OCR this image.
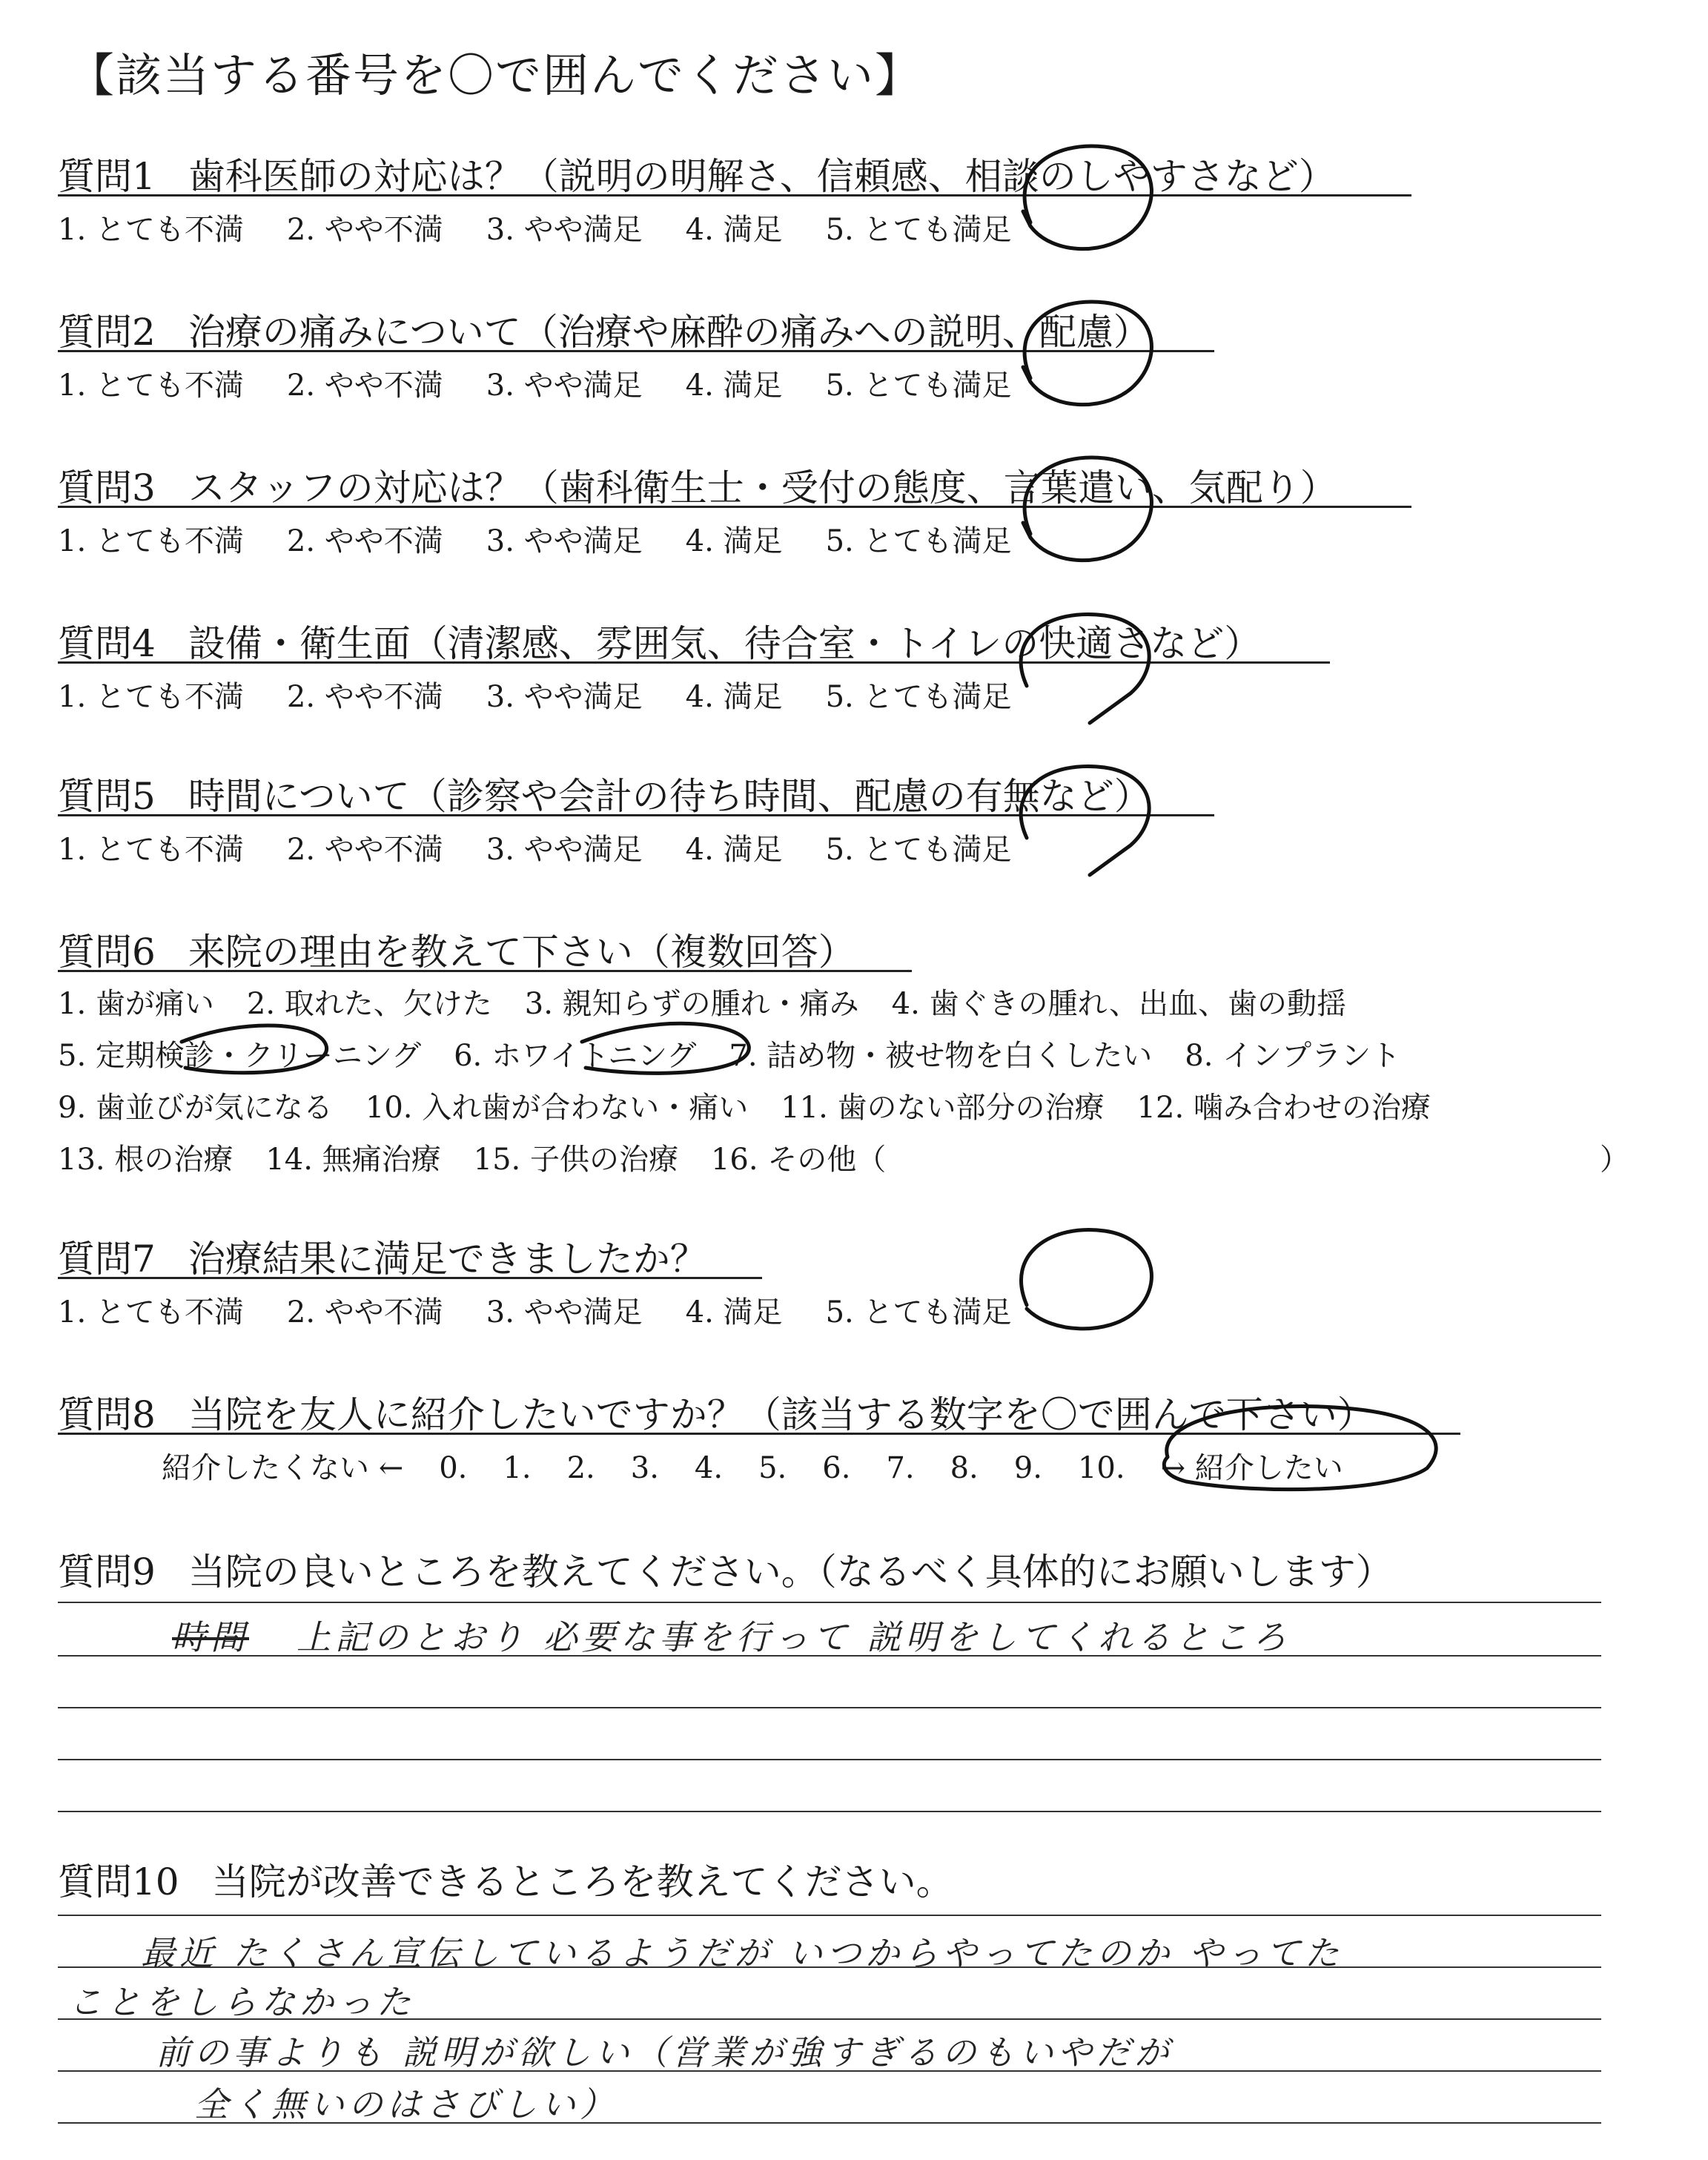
【該当する番号を〇で囲んでください】
質問1 歯科医師の対応は？（説明の明解さ、信頼感、相談のしやすさなど）
1. とても不満 2. やや不満 3. やや満足 4. 満足 5. とても満足
質問2 治療の痛みについて（治療や麻酔の痛みへの説明、配慮）
1. とても不満 2. やや不満 3. やや満足 4. 満足 5. とても満足
質問3 スタッフの対応は？（歯科衛生士・受付の態度、言葉遣い、気配り）
1. とても不満 2. やや不満 3. やや満足 4. 満足 5. とても満足
質問4 設備・衛生面（清潔感、雰囲気、待合室・トイレの快適さなど）
1. とても不満 2. やや不満 3. やや満足 4. 満足 5. とても満足
質問5 時間について（診察や会計の待ち時間、配慮の有無など）
1. とても不満 2. やや不満 3. やや満足 4. 満足 5. とても満足
質問6 来院の理由を教えて下さい（複数回答）
1. 歯が痛い 2. 取れた、欠けた 3. 親知らずの腫れ・痛み 4. 歯ぐきの腫れ、出血、歯の動揺
5. 定期検診・クリーニング 6. ホワイトニング 7. 詰め物・被せ物を白くしたい 8. インプラント
9. 歯並びが気になる 10. 入れ歯が合わない・痛い 11. 歯のない部分の治療 12. 噛み合わせの治療
13. 根の治療 14. 無痛治療 15. 子供の治療 16. その他（	）
質問7 治療結果に満足できましたか？
1. とても不満 2. やや不満 3. やや満足 4. 満足 5. とても満足
質問8 当院を友人に紹介したいですか？（該当する数字を〇で囲んで下さい）
紹介したくない ← 0. 1. 2. 3. 4. 5. 6. 7. 8. 9. 10. → 紹介したい
質問9 当院の良いところを教えてください。（なるべく具体的にお願いします）
時間 上記のとおり 必要な事を行って 説明をしてくれるところ
質問10 当院が改善できるところを教えてください。
最近 たくさん宣伝しているようだが いつからやってたのか やってた
ことをしらなかった
前の事よりも 説明が欲しい（営業が強すぎるのもいやだが
全く無いのはさびしい）
